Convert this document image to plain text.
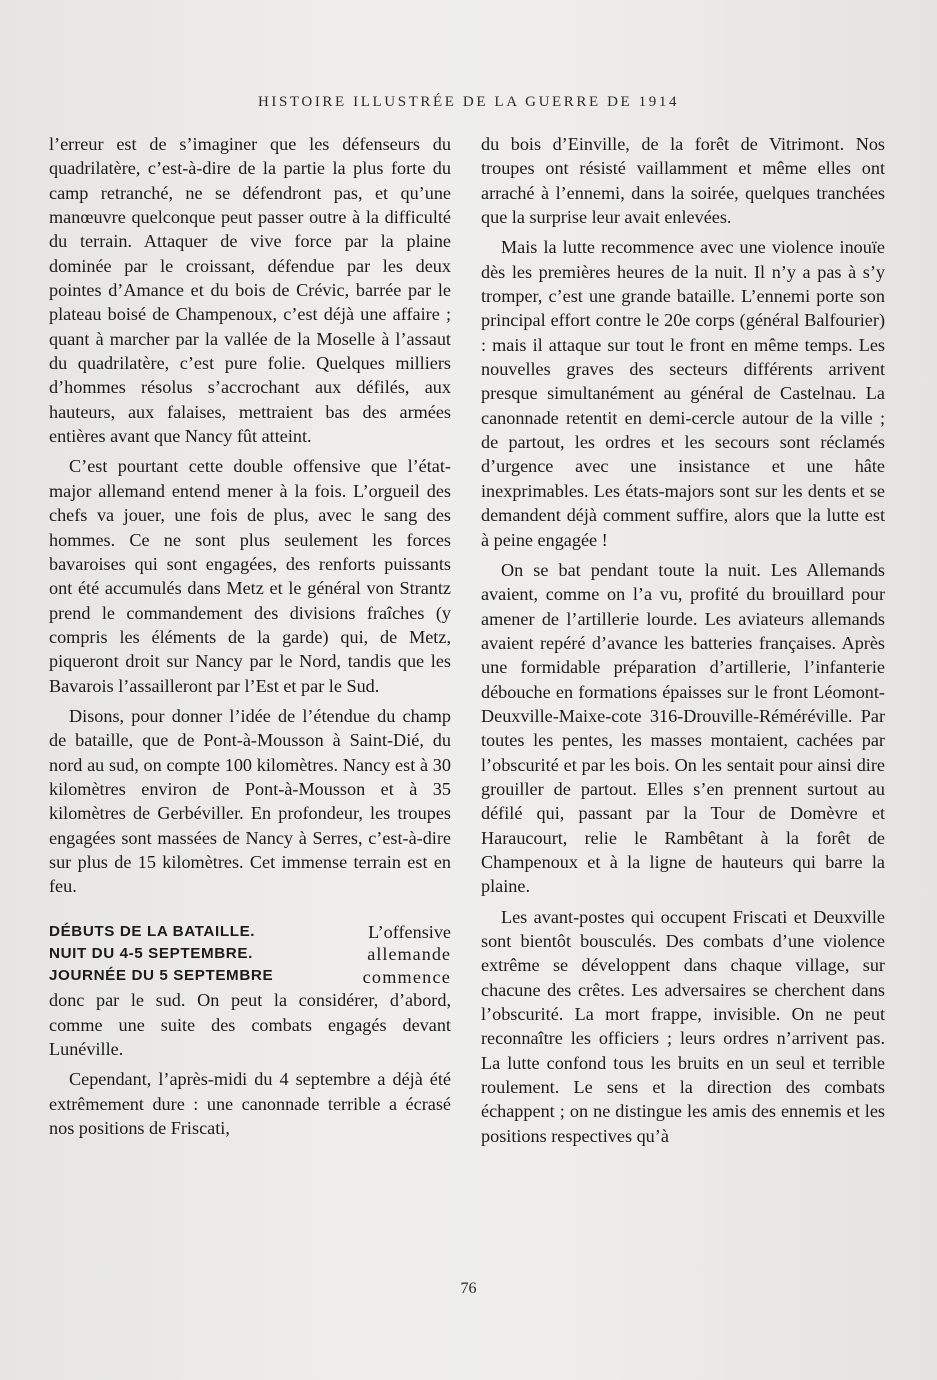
HISTOIRE ILLUSTRÉE DE LA GUERRE DE 1914

l’erreur est de s’imaginer que les défenseurs du quadrilatère, c’est-à-dire de la partie la plus forte du camp retranché, ne se défendront pas, et qu’une manœuvre quelconque peut passer outre à la difficulté du terrain. Attaquer de vive force par la plaine dominée par le croissant, défendue par les deux pointes d’Amance et du bois de Crévic, barrée par le plateau boisé de Champenoux, c’est déjà une affaire ; quant à marcher par la vallée de la Moselle à l’assaut du quadrilatère, c’est pure folie. Quelques milliers d’hommes résolus s’accrochant aux défilés, aux hauteurs, aux falaises, mettraient bas des armées entières avant que Nancy fût atteint.

C’est pourtant cette double offensive que l’état-major allemand entend mener à la fois. L’orgueil des chefs va jouer, une fois de plus, avec le sang des hommes. Ce ne sont plus seulement les forces bavaroises qui sont engagées, des renforts puissants ont été accumulés dans Metz et le général von Strantz prend le commandement des divisions fraîches (y compris les éléments de la garde) qui, de Metz, piqueront droit sur Nancy par le Nord, tandis que les Bavarois l’assailleront par l’Est et par le Sud.

Disons, pour donner l’idée de l’étendue du champ de bataille, que de Pont-à-Mousson à Saint-Dié, du nord au sud, on compte 100 kilomètres. Nancy est à 30 kilomètres environ de Pont-à-Mousson et à 35 kilomètres de Gerbéviller. En profondeur, les troupes engagées sont massées de Nancy à Serres, c’est-à-dire sur plus de 15 kilomètres. Cet immense terrain est en feu.

DÉBUTS DE LA BATAILLE.
NUIT DU 4-5 SEPTEMBRE.
JOURNÉE DU 5 SEPTEMBRE
L’offensive
allemande
commence

donc par le sud. On peut la considérer, d’abord, comme une suite des combats engagés devant Lunéville.

Cependant, l’après-midi du 4 septembre a déjà été extrêmement dure : une canonnade terrible a écrasé nos positions de Friscati,

du bois d’Einville, de la forêt de Vitrimont. Nos troupes ont résisté vaillamment et même elles ont arraché à l’ennemi, dans la soirée, quelques tranchées que la surprise leur avait enlevées.

Mais la lutte recommence avec une violence inouïe dès les premières heures de la nuit. Il n’y a pas à s’y tromper, c’est une grande bataille. L’ennemi porte son principal effort contre le 20e corps (général Balfourier) : mais il attaque sur tout le front en même temps. Les nouvelles graves des secteurs différents arrivent presque simultanément au général de Castelnau. La canonnade retentit en demi-cercle autour de la ville ; de partout, les ordres et les secours sont réclamés d’urgence avec une insistance et une hâte inexprimables. Les états-majors sont sur les dents et se demandent déjà comment suffire, alors que la lutte est à peine engagée !

On se bat pendant toute la nuit. Les Allemands avaient, comme on l’a vu, profité du brouillard pour amener de l’artillerie lourde. Les aviateurs allemands avaient repéré d’avance les batteries françaises. Après une formidable préparation d’artillerie, l’infanterie débouche en formations épaisses sur le front Léomont-Deuxville-Maixe-cote 316-Drouville-Réméréville. Par toutes les pentes, les masses montaient, cachées par l’obscurité et par les bois. On les sentait pour ainsi dire grouiller de partout. Elles s’en prennent surtout au défilé qui, passant par la Tour de Domèvre et Haraucourt, relie le Rambêtant à la forêt de Champenoux et à la ligne de hauteurs qui barre la plaine.

Les avant-postes qui occupent Friscati et Deuxville sont bientôt bousculés. Des combats d’une violence extrême se développent dans chaque village, sur chacune des crêtes. Les adversaires se cherchent dans l’obscurité. La mort frappe, invisible. On ne peut reconnaître les officiers ; leurs ordres n’arrivent pas. La lutte confond tous les bruits en un seul et terrible roulement. Le sens et la direction des combats échappent ; on ne distingue les amis des ennemis et les positions respectives qu’à

76
